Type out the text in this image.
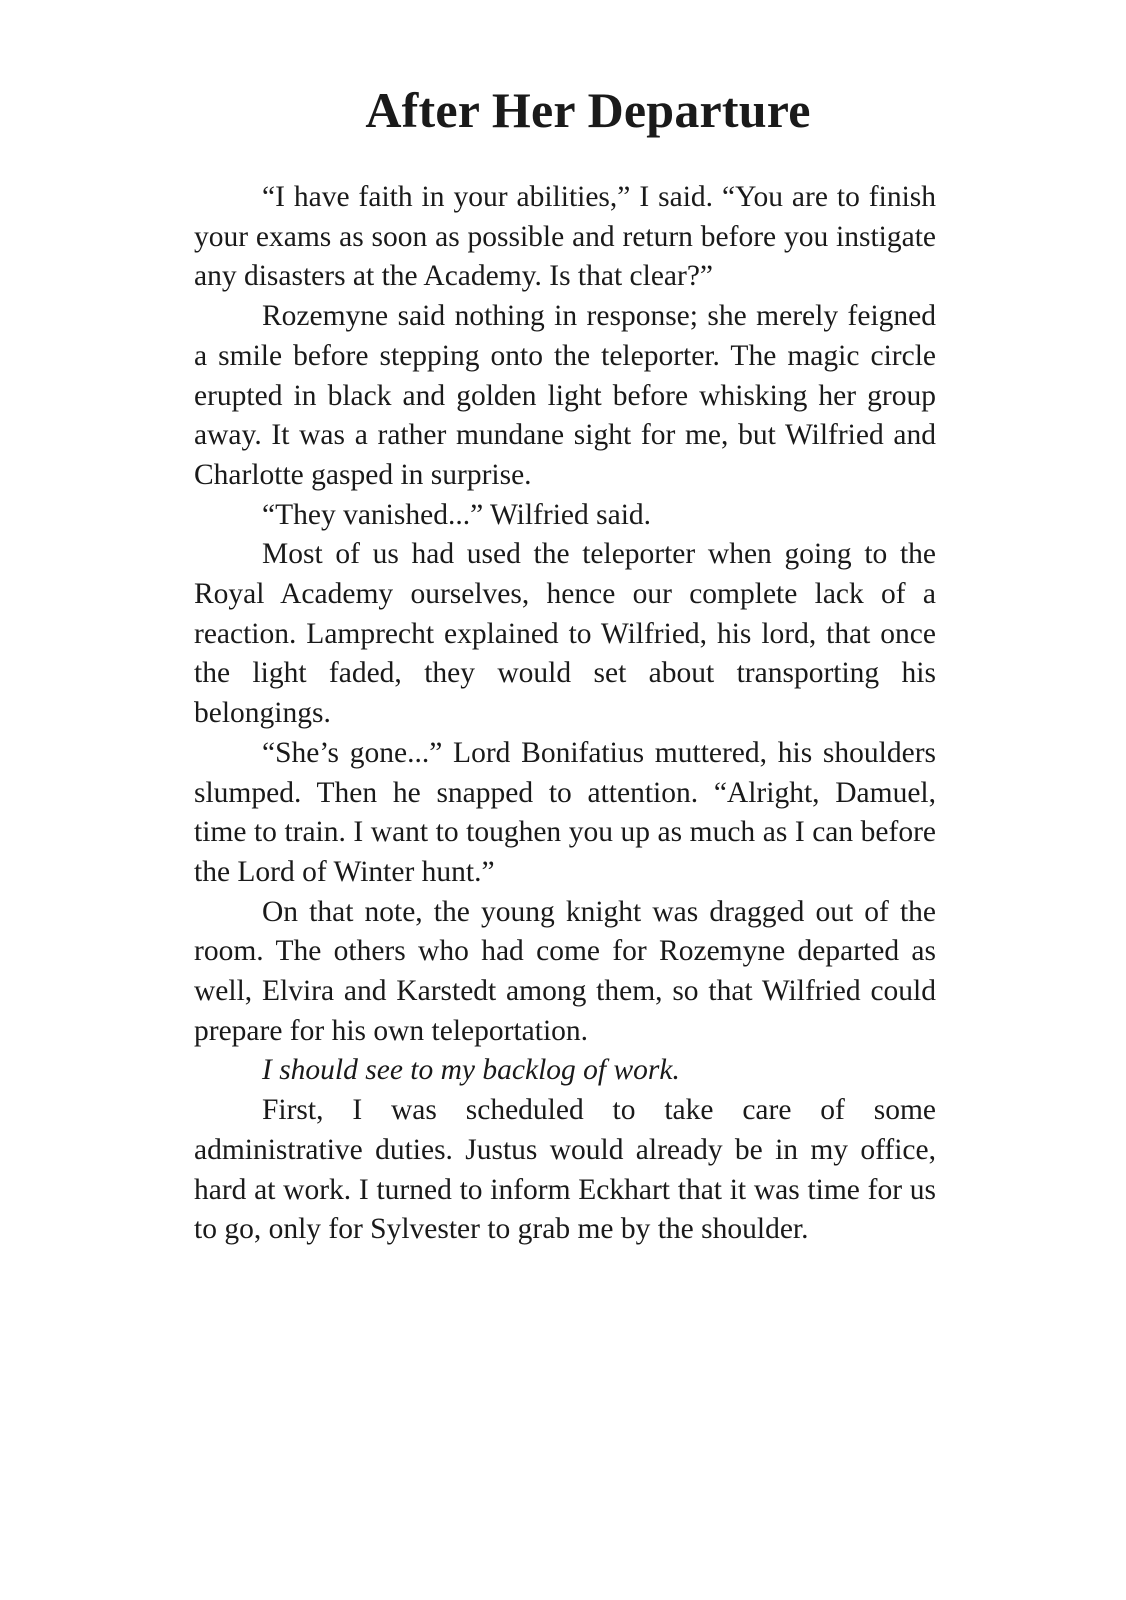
After Her Departure

“I have faith in your abilities,” I said. “You are to finish your exams as soon as possible and return before you instigate any disasters at the Academy. Is that clear?”

Rozemyne said nothing in response; she merely feigned a smile before stepping onto the teleporter. The magic circle erupted in black and golden light before whisking her group away. It was a rather mundane sight for me, but Wilfried and Charlotte gasped in surprise.

“They vanished...” Wilfried said.

Most of us had used the teleporter when going to the Royal Academy ourselves, hence our complete lack of a reaction. Lamprecht explained to Wilfried, his lord, that once the light faded, they would set about transporting his belongings.

“She’s gone...” Lord Bonifatius muttered, his shoulders slumped. Then he snapped to attention. “Alright, Damuel, time to train. I want to toughen you up as much as I can before the Lord of Winter hunt.”

On that note, the young knight was dragged out of the room. The others who had come for Rozemyne departed as well, Elvira and Karstedt among them, so that Wilfried could prepare for his own teleportation.

I should see to my backlog of work.

First, I was scheduled to take care of some administrative duties. Justus would already be in my office, hard at work. I turned to inform Eckhart that it was time for us to go, only for Sylvester to grab me by the shoulder.
